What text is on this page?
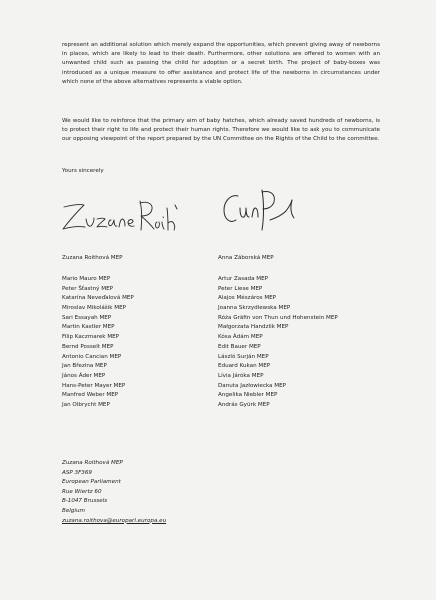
represent an additional solution which merely expand the opportunities, which prevent giving away of newborns in places, which are likely to lead to their death. Furthermore, other solutions are offered to women with an unwanted child such as passing the child for adoption or a secret birth. The project of baby-boxes was introduced as a unique measure to offer assistance and protect life of the newborns in circumstances under which none of the above alternatives represents a viable option.

We would like to reinforce that the primary aim of baby hatches, which already saved hundreds of newborns, is to protect their right to life and protect their human rights. Therefore we would like to ask you to communicate our opposing viewpoint of the report prepared by the UN Committee on the Rights of the Child to the committee.

Yours sincerely
Zuzana Roithová MEP
Mario Mauro MEP
Peter Šťastný MEP
Katarína Neveďalová MEP
Miroslav Mikolášik MEP
Sari Essayah MEP
Martin Kastler MEP
Filip Kaczmarek MEP
Bernd Posselt MEP
Antonio Cancian MEP
Jan Březina MEP
János Áder MEP
Hans-Peter Mayer MEP
Manfred Weber MEP
Jan Olbrycht MEP
Anna Záborská MEP
Artur Zasada MEP
Peter Liese MEP
Alajos Mészáros MEP
Joanna Skrzydlewska MEP
Róża Gräfin von Thun und Hohenstein MEP
Małgorzata Handzlik MEP
Kósa Ádám MEP
Edit Bauer MEP
László Surján MEP
Eduard Kukan MEP
Lívia Járóka MEP
Danuta Jazłowiecka MEP
Angelika Niebler MEP
András Gyürk MEP
Zuzana Roithová MEP
ASP 3F369
European Parliament
Rue Wiertz 60
B-1047 Brussels
Belgium
zuzana.roithova@europarl.europa.eu
